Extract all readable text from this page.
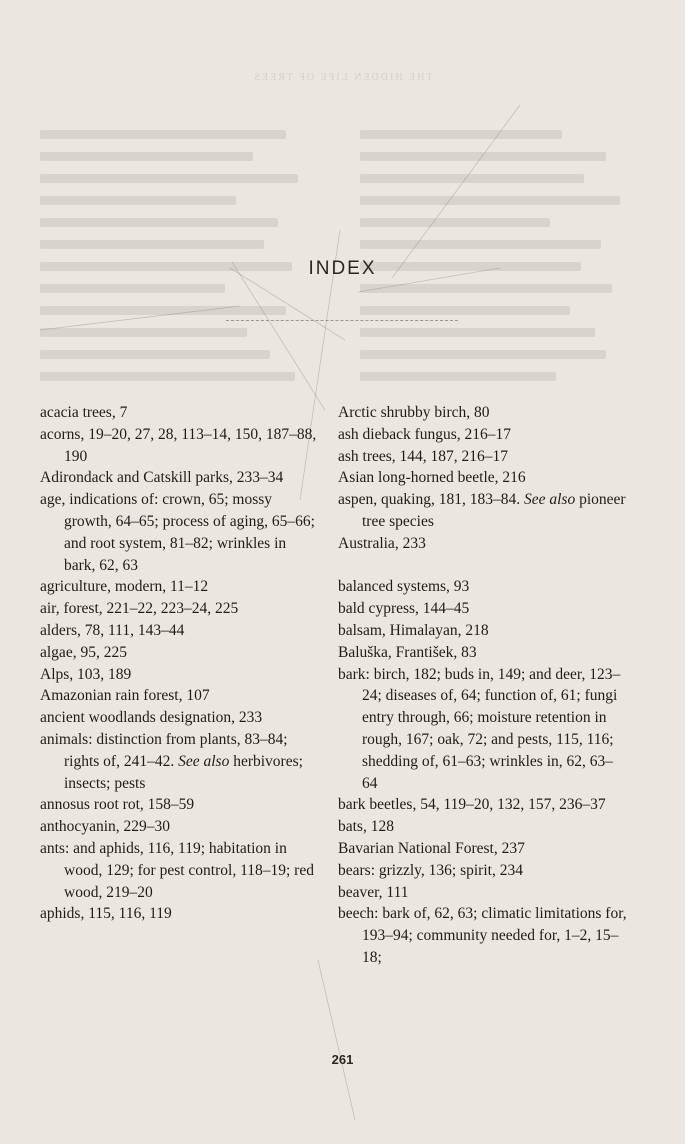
THE HIDDEN LIFE OF TREES
INDEX
acacia trees, 7
acorns, 19–20, 27, 28, 113–14, 150, 187–88, 190
Adirondack and Catskill parks, 233–34
age, indications of: crown, 65; mossy growth, 64–65; process of aging, 65–66; and root system, 81–82; wrinkles in bark, 62, 63
agriculture, modern, 11–12
air, forest, 221–22, 223–24, 225
alders, 78, 111, 143–44
algae, 95, 225
Alps, 103, 189
Amazonian rain forest, 107
ancient woodlands designation, 233
animals: distinction from plants, 83–84; rights of, 241–42. See also herbivores; insects; pests
annosus root rot, 158–59
anthocyanin, 229–30
ants: and aphids, 116, 119; habitation in wood, 129; for pest control, 118–19; red wood, 219–20
aphids, 115, 116, 119
Arctic shrubby birch, 80
ash dieback fungus, 216–17
ash trees, 144, 187, 216–17
Asian long-horned beetle, 216
aspen, quaking, 181, 183–84. See also pioneer tree species
Australia, 233
balanced systems, 93
bald cypress, 144–45
balsam, Himalayan, 218
Baluška, František, 83
bark: birch, 182; buds in, 149; and deer, 123–24; diseases of, 64; function of, 61; fungi entry through, 66; moisture retention in rough, 167; oak, 72; and pests, 115, 116; shedding of, 61–63; wrinkles in, 62, 63–64
bark beetles, 54, 119–20, 132, 157, 236–37
bats, 128
Bavarian National Forest, 237
bears: grizzly, 136; spirit, 234
beaver, 111
beech: bark of, 62, 63; climatic limitations for, 193–94; community needed for, 1–2, 15–18;
261
